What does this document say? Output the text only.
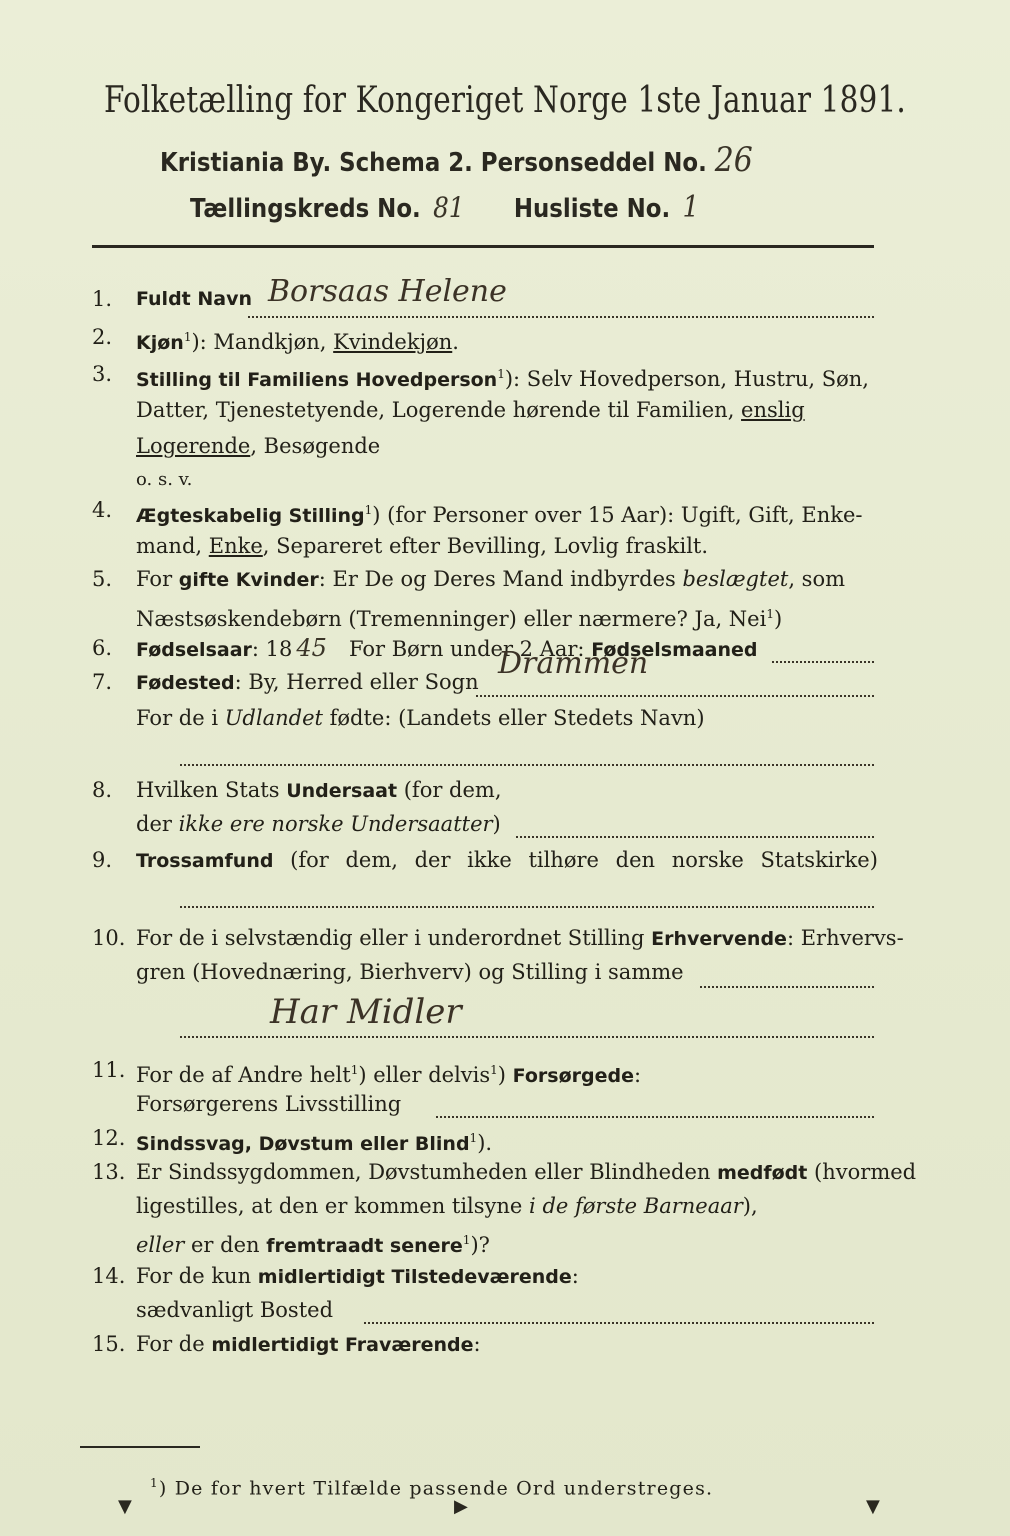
Folketælling for Kongeriget Norge 1ste Januar 1891.
Kristiania By. Schema 2. Personseddel No. 26
Tællingskreds No. 81 Husliste No. 1
1.	Fuldt Navn Borsaas Helene
2.	Kjøn$^1$): Mandkjøn, Kvindekjøn.
3.	Stilling til Familiens Hovedperson$^1$): Selv Hovedperson, Hustru, Søn,
Datter, Tjenestetyende, Logerende hørende til Familien, enslig
Logerende, Besøgende
o. s. v.
4.	Ægteskabelig Stilling$^1$) (for Personer over 15 Aar): Ugift, Gift, Enke-
mand, Enke, Separeret efter Bevilling, Lovlig fraskilt.
5.	For gifte Kvinder: Er De og Deres Mand indbyrdes beslægtet, som
Næstsøskendebørn (Tremenninger) eller nærmere? Ja, Nei$^1$)
6.	Fødselsaar: 18 45 For Børn under 2 Aar: Fødselsmaaned
7.	Fødested: By, Herred eller Sogn
Drammen
For de i Udlandet fødte: (Landets eller Stedets Navn)
8.	Hvilken Stats Undersaat (for dem,
der ikke ere norske Undersaatter)
9.	Trossamfund (for dem, der ikke tilhøre den norske Statskirke)
10. For de i selvstændig eller i underordnet Stilling Erhvervende: Erhvervs-
gren (Hovednæring, Bierhverv) og Stilling i samme
Har Midler
11. For de af Andre helt$^1$) eller delvis$^1$) Forsørgede:
Forsørgerens Livsstilling
12. Sindssvag, Døvstum eller Blind$^1$).
13. Er Sindssygdommen, Døvstumheden eller Blindheden medfødt (hvormed
ligestilles, at den er kommen tilsyne i de første Barneaar),
eller er den fremtraadt senere$^1$)?
14. For de kun midlertidigt Tilstedeværende:
sædvanligt Bosted
15. For de midlertidigt Fraværende:
$^1$) De for hvert Tilfælde passende Ord understreges.
▼	▶	▼
